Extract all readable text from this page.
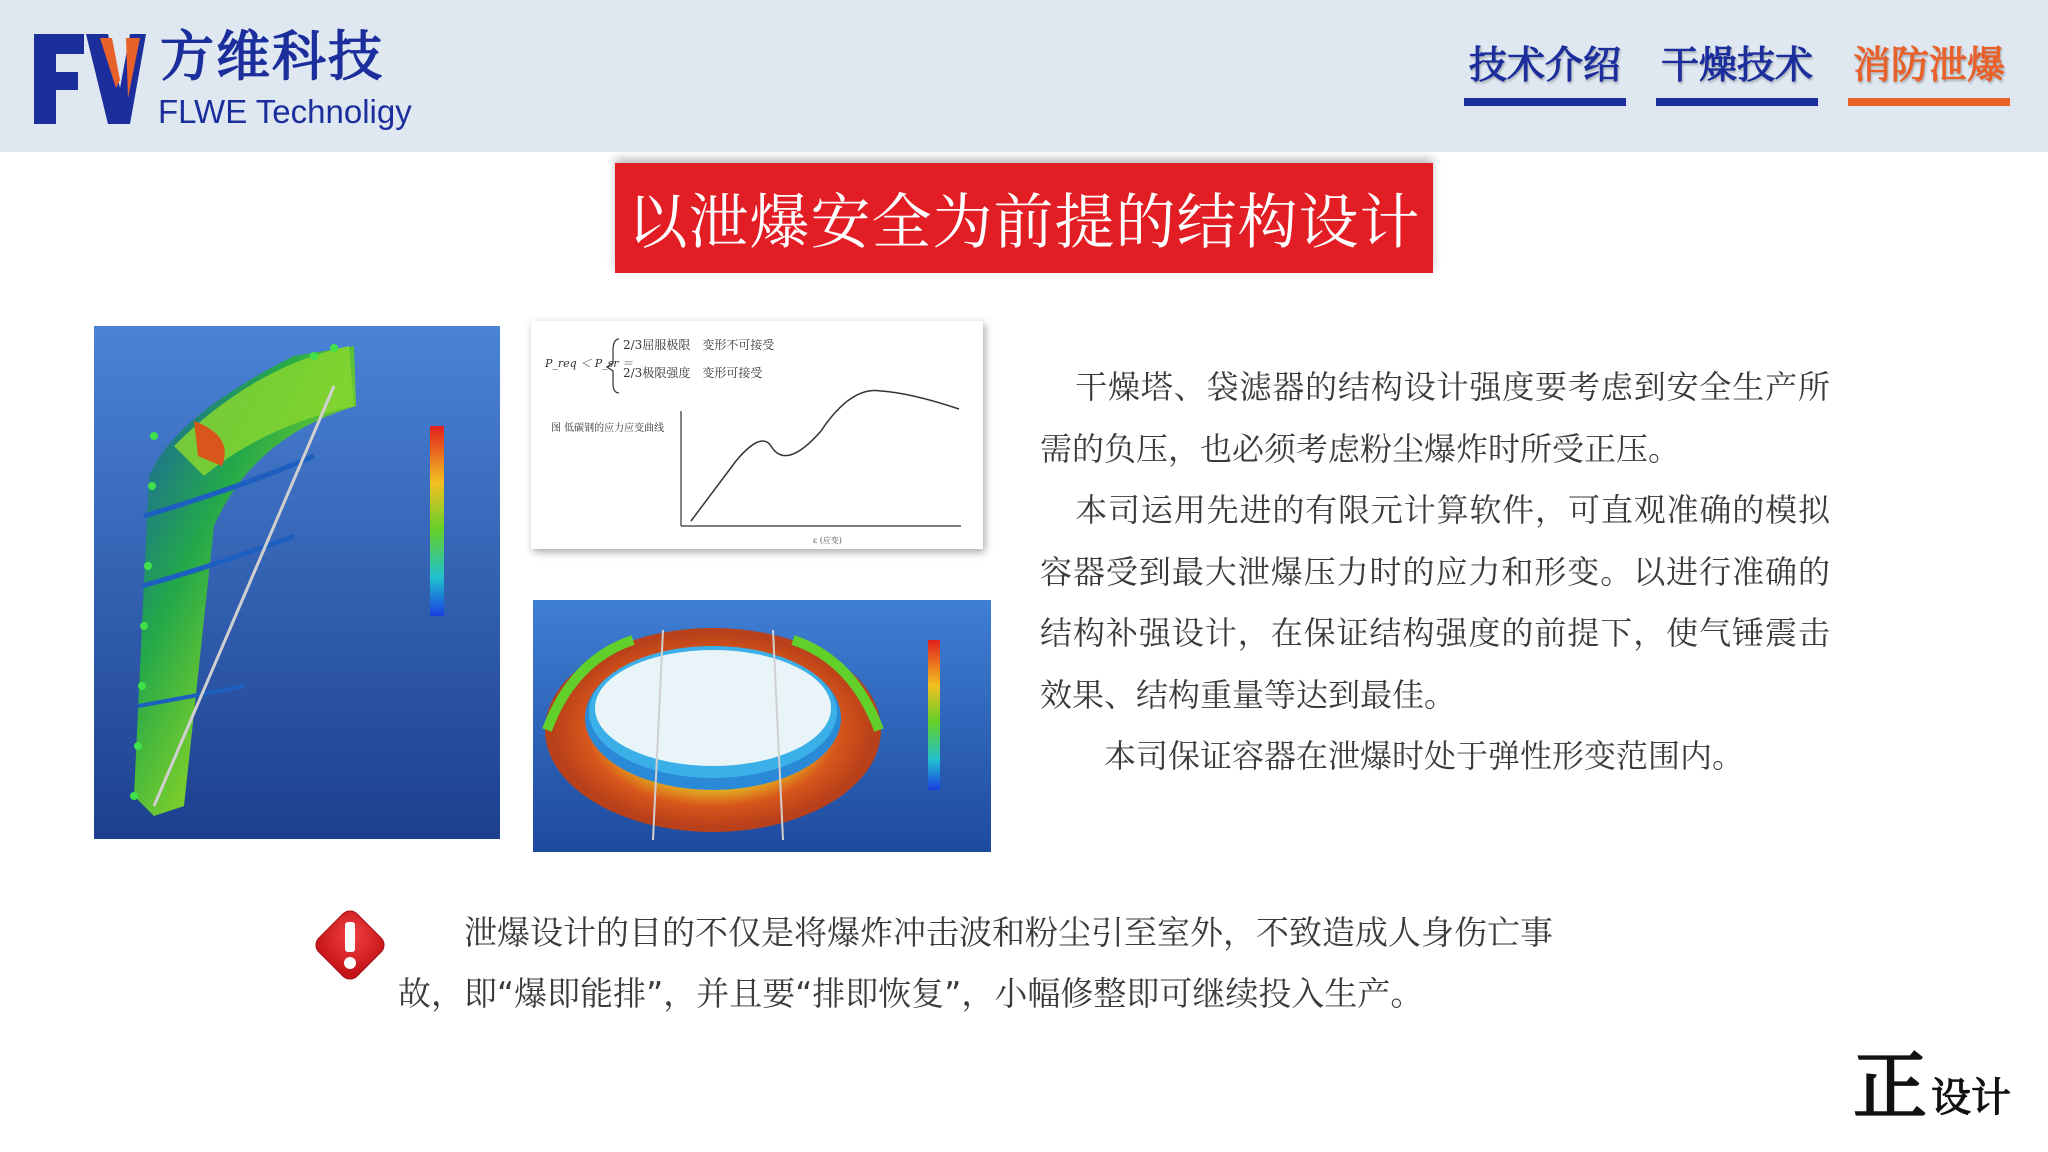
方维科技
FLWE Technoligy
技术介绍 干燥技术 消防泄爆
以泄爆安全为前提的结构设计
P_req ＜ P_sr ＝
ε (应变)
2/3屈服极限　变形不可接受
2/3极限强度　变形可接受
图 低碳钢的应力应变曲线

干燥塔、袋滤器的结构设计强度要考虑到安全生产所需的负压，也必须考虑粉尘爆炸时所受正压。

本司运用先进的有限元计算软件，可直观准确的模拟容器受到最大泄爆压力时的应力和形变。以进行准确的结构补强设计，在保证结构强度的前提下，使气锤震击效果、结构重量等达到最佳。

本司保证容器在泄爆时处于弹性形变范围内。

泄爆设计的目的不仅是将爆炸冲击波和粉尘引至室外，不致造成人身伤亡事

故，即“爆即能排”，并且要“排即恢复”，小幅修整即可继续投入生产。
正 设计
